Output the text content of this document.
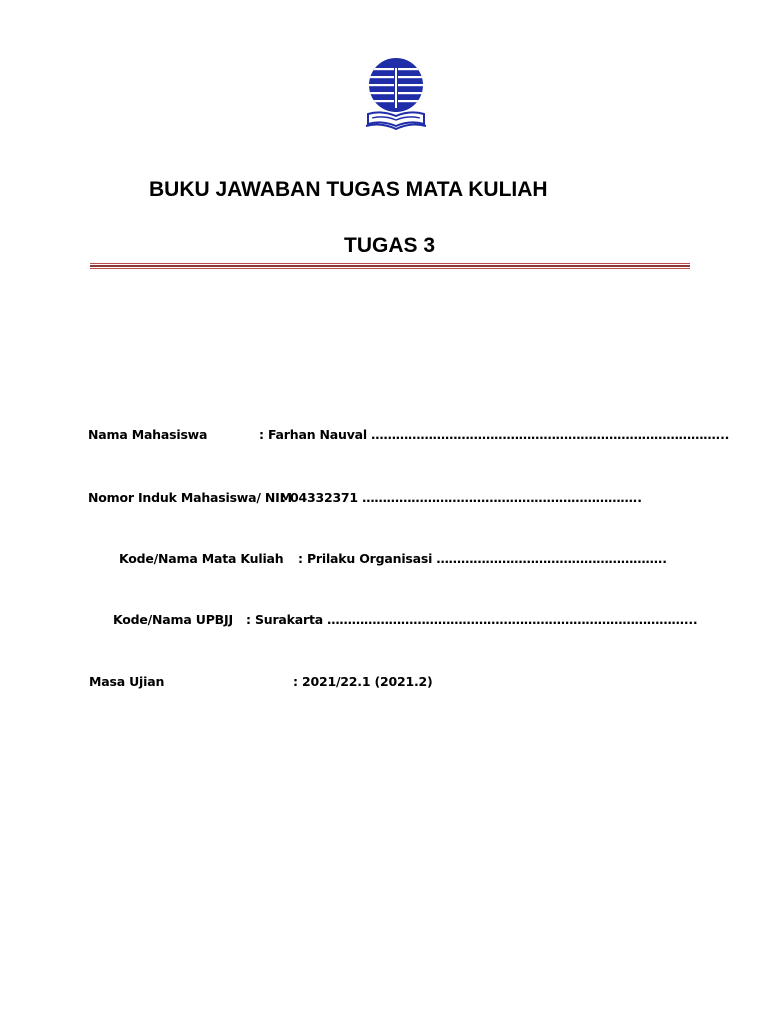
BUKU JAWABAN TUGAS MATA KULIAH
TUGAS 3
Nama Mahasiswa	: Farhan Nauval …………………………………………………………………………...
Nomor Induk Mahasiswa/ NIM
: 04332371 …………………………………………………………..
Kode/Nama Mata Kuliah : Prilaku Organisasi ………………………………………………..
Kode/Nama UPBJJ : Surakarta ……………………………………………………………………………...
Masa Ujian	: 2021/22.1 (2021.2)
